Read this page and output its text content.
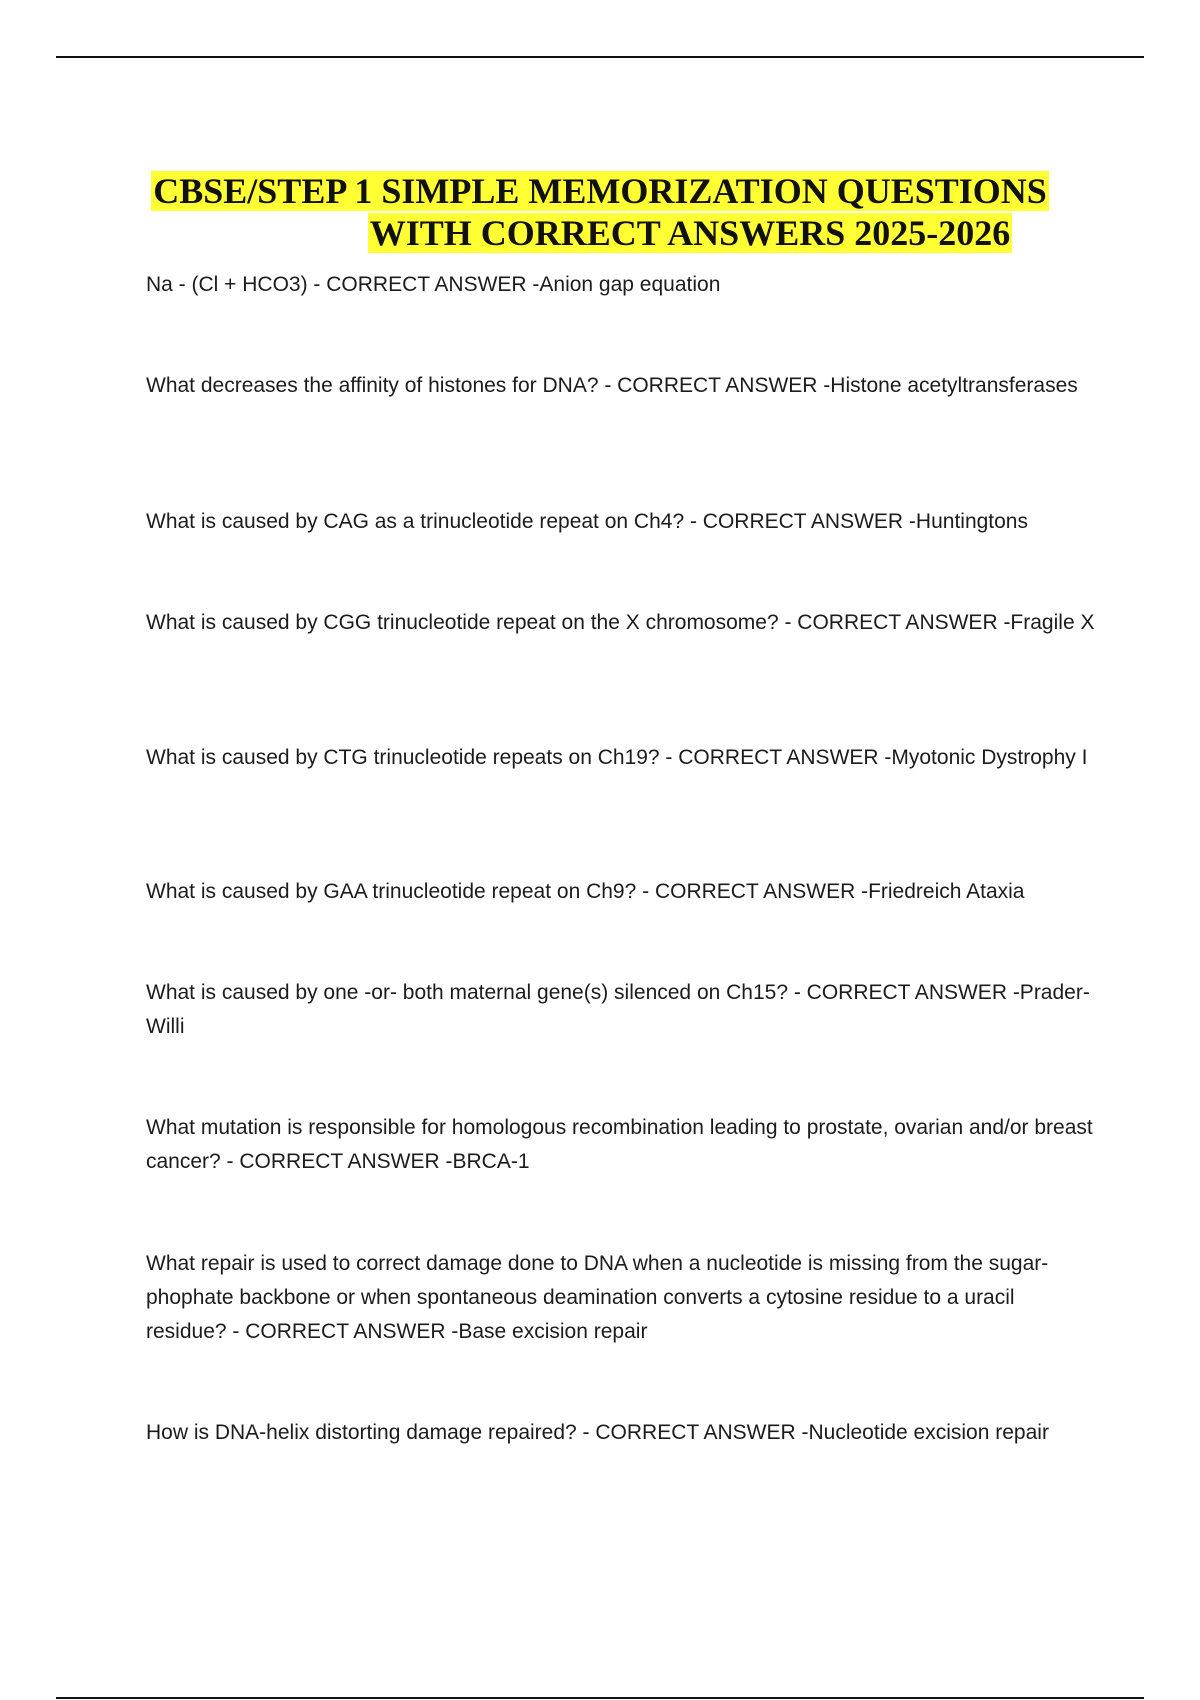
CBSE/STEP 1 SIMPLE MEMORIZATION QUESTIONS
WITH CORRECT ANSWERS 2025-2026

Na - (Cl + HCO3) - CORRECT ANSWER -Anion gap equation

What decreases the affinity of histones for DNA? - CORRECT ANSWER -Histone acetyltransferases

What is caused by CAG as a trinucleotide repeat on Ch4? - CORRECT ANSWER -Huntingtons

What is caused by CGG trinucleotide repeat on the X chromosome? - CORRECT ANSWER -Fragile X

What is caused by CTG trinucleotide repeats on Ch19? - CORRECT ANSWER -Myotonic Dystrophy I

What is caused by GAA trinucleotide repeat on Ch9? - CORRECT ANSWER -Friedreich Ataxia

What is caused by one -or- both maternal gene(s) silenced on Ch15? - CORRECT ANSWER -Prader-Willi

What mutation is responsible for homologous recombination leading to prostate, ovarian and/or breast cancer? - CORRECT ANSWER -BRCA-1

What repair is used to correct damage done to DNA when a nucleotide is missing from the sugar-phophate backbone or when spontaneous deamination converts a cytosine residue to a uracil residue? - CORRECT ANSWER -Base excision repair

How is DNA-helix distorting damage repaired? - CORRECT ANSWER -Nucleotide excision repair
